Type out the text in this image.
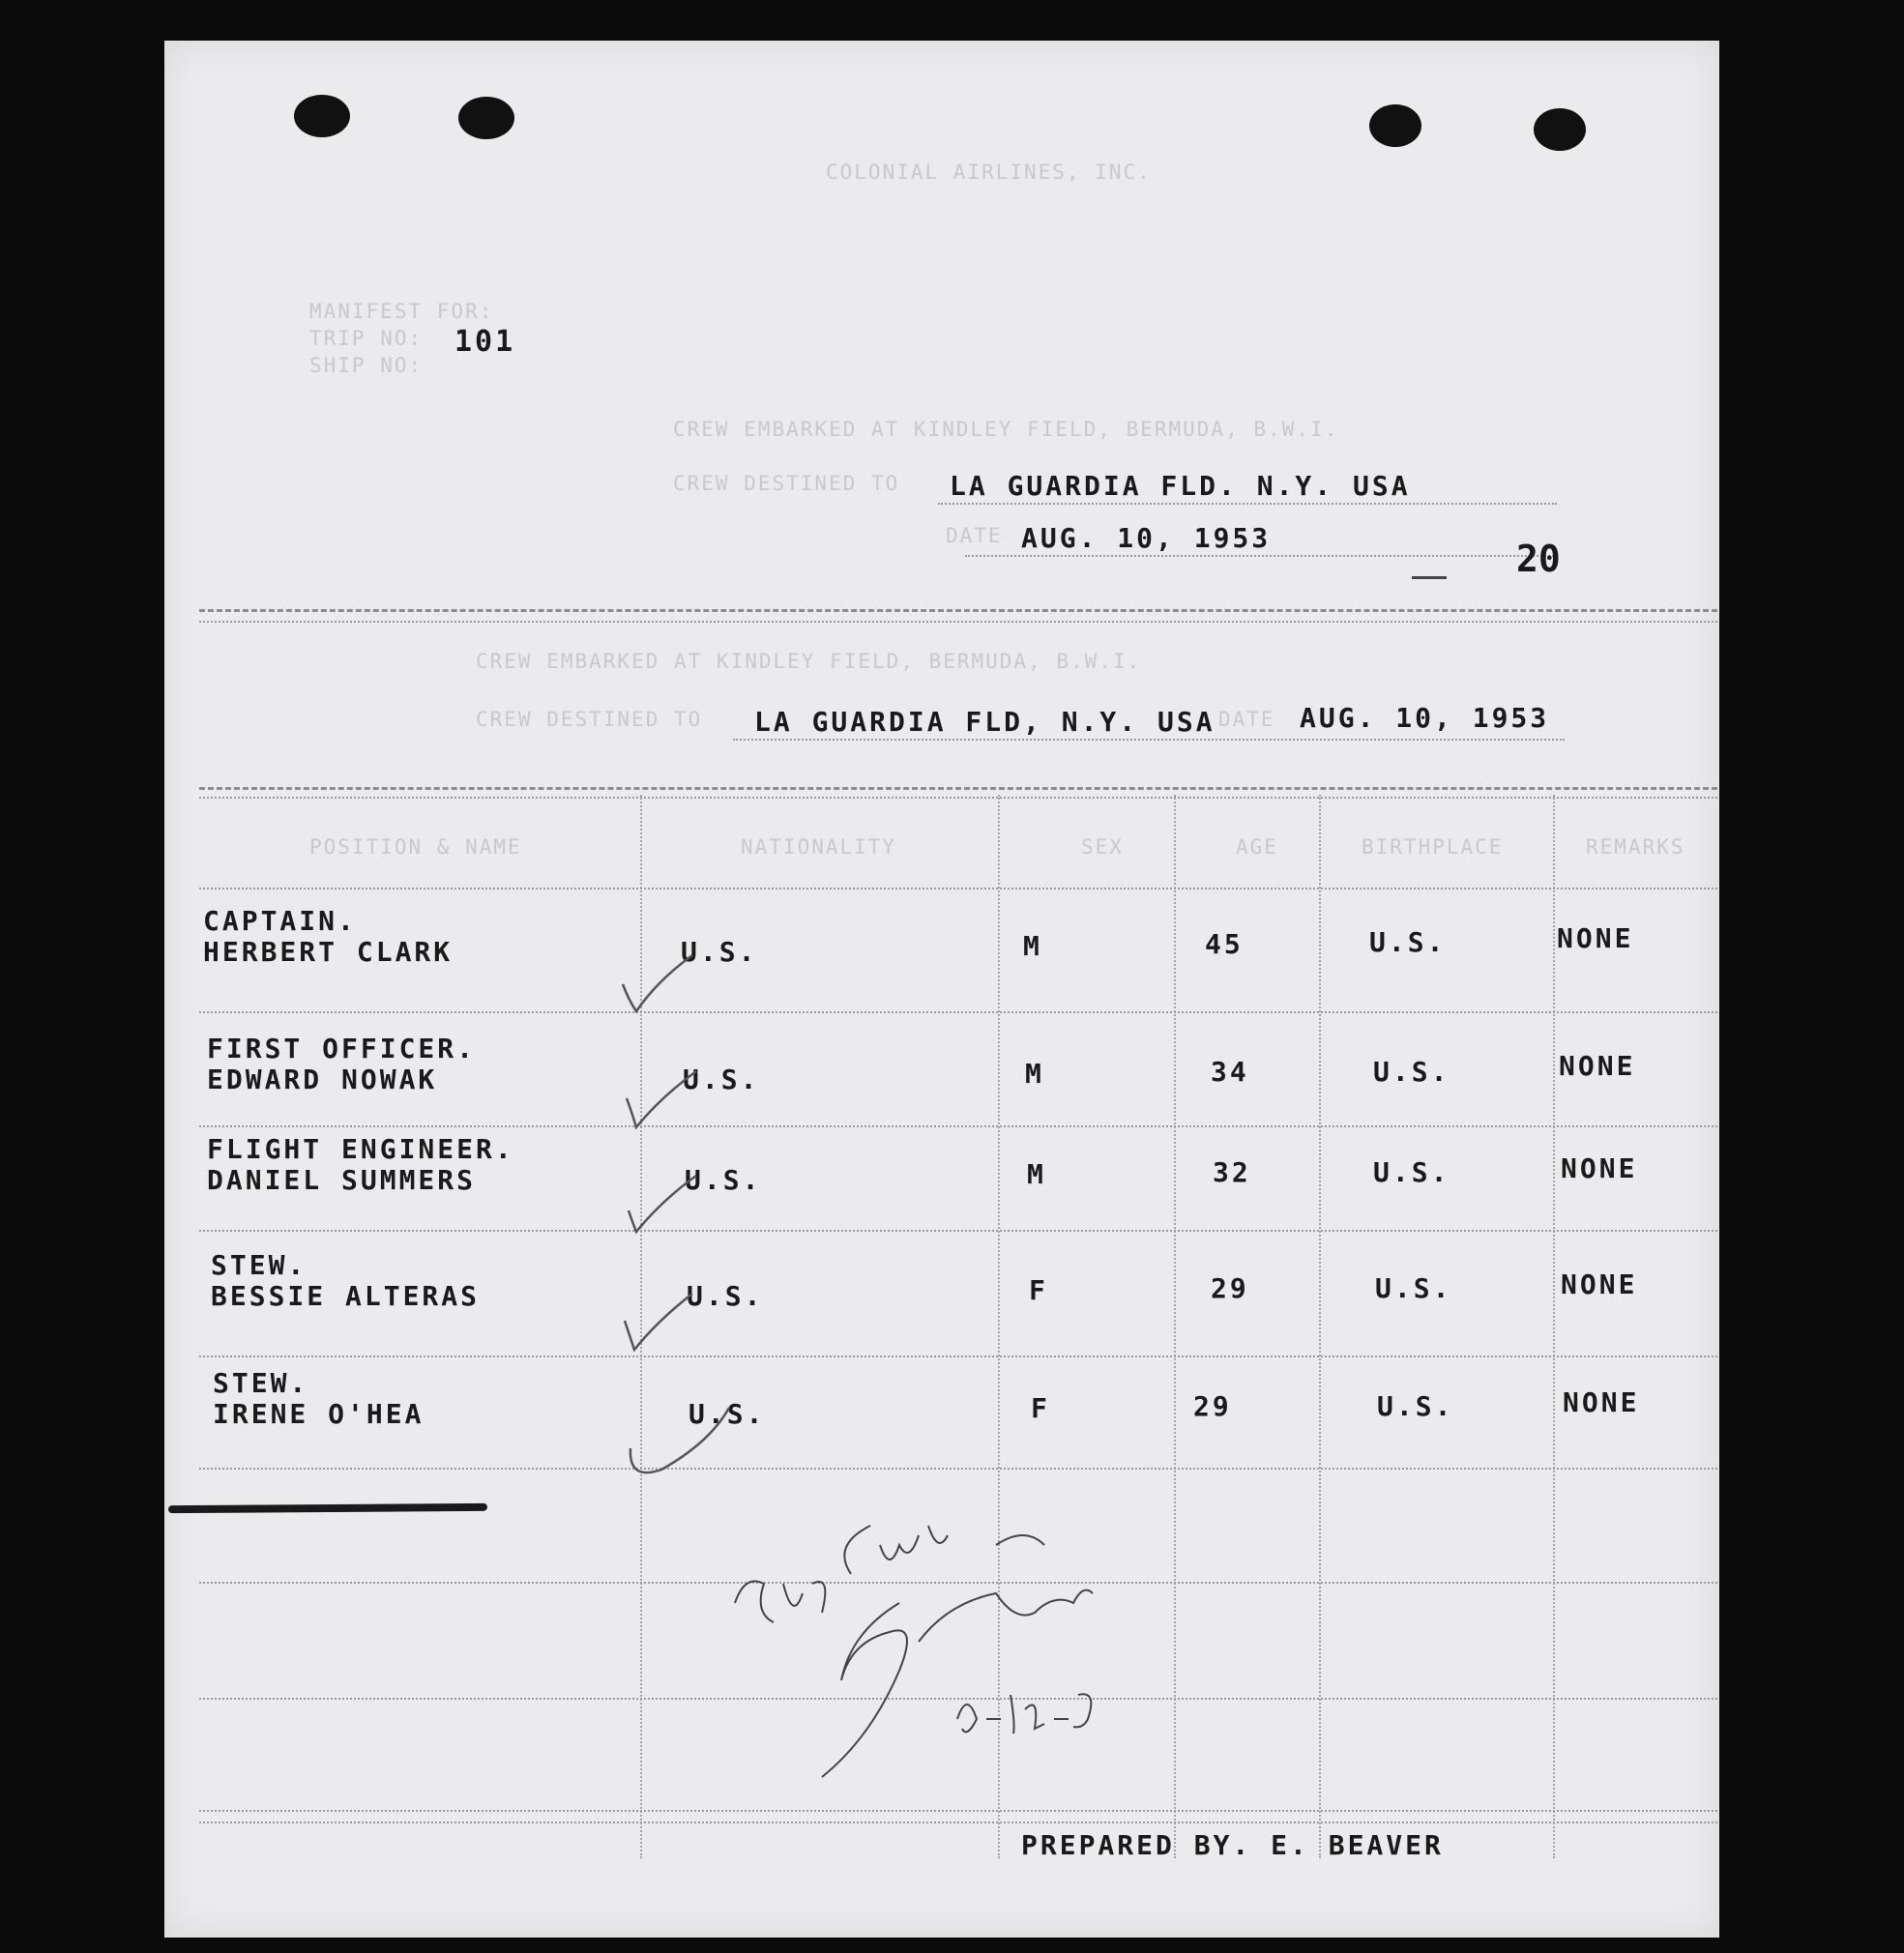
COLONIAL AIRLINES, INC.
MANIFEST FOR:
TRIP NO: 101
SHIP NO:
CREW EMBARKED AT KINDLEY FIELD, BERMUDA, B.W.I.
CREW DESTINED TO LA GUARDIA FLD. N.Y. USA
DATE AUG. 10, 1953	20
CREW EMBARKED AT KINDLEY FIELD, BERMUDA, B.W.I.
CREW DESTINED TO	LA GUARDIA FLD, N.Y. USA DATE AUG. 10, 1953
POSITION & NAME	NATIONALITY	SEX	AGE	BIRTHPLACE	REMARKS
CAPTAIN.
HERBERT CLARK	U.S.	M	45	U.S.	NONE
FIRST OFFICER.
EDWARD NOWAK	U.S.	M	34	U.S.	NONE
FLIGHT ENGINEER.
DANIEL SUMMERS	U.S.	M	32	U.S.	NONE
STEW.
BESSIE ALTERAS	U.S.	F	29	U.S.	NONE
STEW.
IRENE O'HEA	U.S.	F	29	U.S.	NONE
PREPARED BY. E. BEAVER
